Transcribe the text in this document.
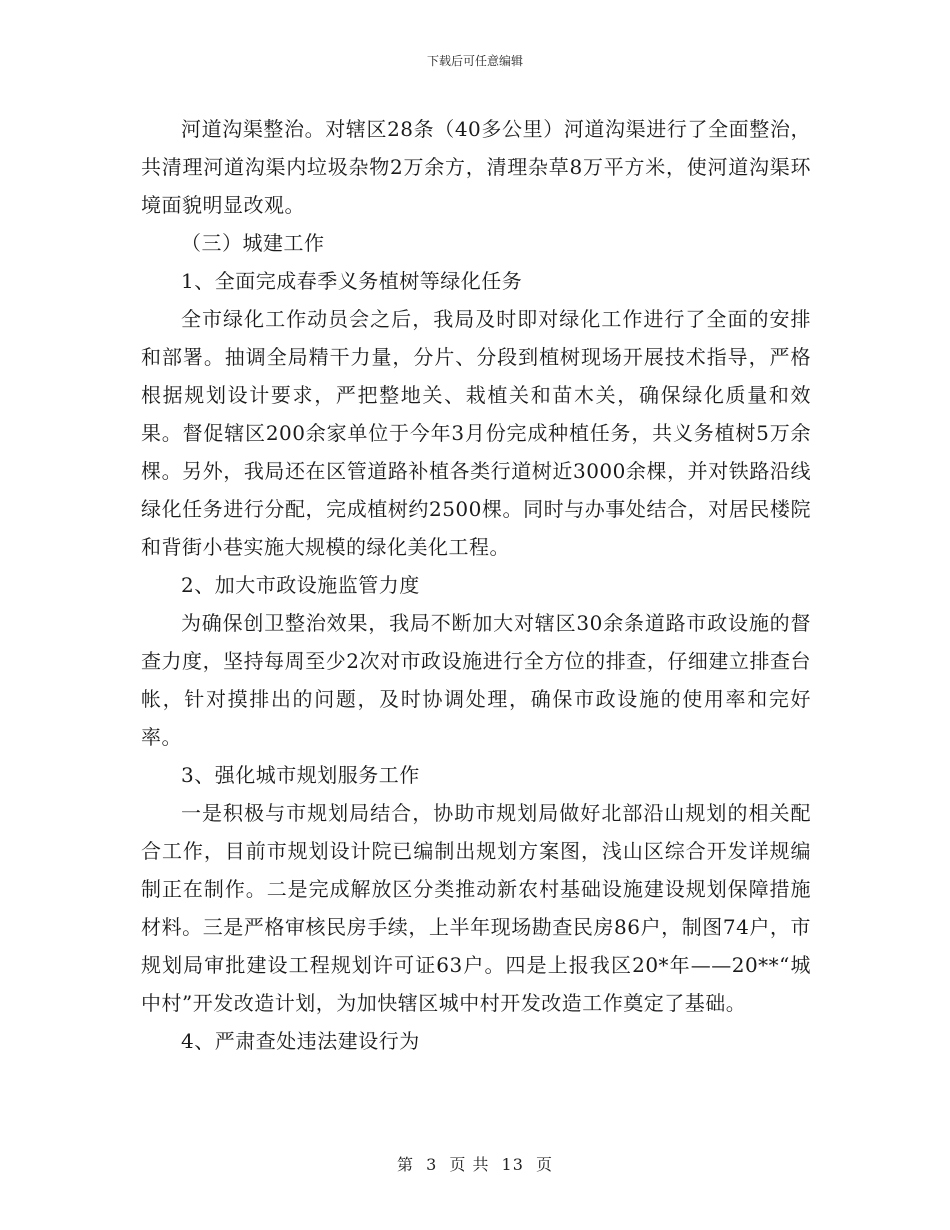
下载后可任意编辑

河道沟渠整治。对辖区28条（40多公里）河道沟渠进行了全面整治，共清理河道沟渠内垃圾杂物2万余方，清理杂草8万平方米，使河道沟渠环境面貌明显改观。

（三）城建工作

1、全面完成春季义务植树等绿化任务

全市绿化工作动员会之后，我局及时即对绿化工作进行了全面的安排和部署。抽调全局精干力量，分片、分段到植树现场开展技术指导，严格根据规划设计要求，严把整地关、栽植关和苗木关，确保绿化质量和效果。督促辖区200余家单位于今年3月份完成种植任务，共义务植树5万余棵。另外，我局还在区管道路补植各类行道树近3000余棵，并对铁路沿线绿化任务进行分配，完成植树约2500棵。同时与办事处结合，对居民楼院和背街小巷实施大规模的绿化美化工程。

2、加大市政设施监管力度

为确保创卫整治效果，我局不断加大对辖区30余条道路市政设施的督查力度，坚持每周至少2次对市政设施进行全方位的排查，仔细建立排查台帐，针对摸排出的问题，及时协调处理，确保市政设施的使用率和完好率。

3、强化城市规划服务工作

一是积极与市规划局结合，协助市规划局做好北部沿山规划的相关配合工作，目前市规划设计院已编制出规划方案图，浅山区综合开发详规编制正在制作。二是完成解放区分类推动新农村基础设施建设规划保障措施材料。三是严格审核民房手续，上半年现场勘查民房86户，制图74户，市规划局审批建设工程规划许可证63户。四是上报我区20*年——20**“城中村”开发改造计划，为加快辖区城中村开发改造工作奠定了基础。

4、严肃查处违法建设行为

第 3 页 共 13 页
